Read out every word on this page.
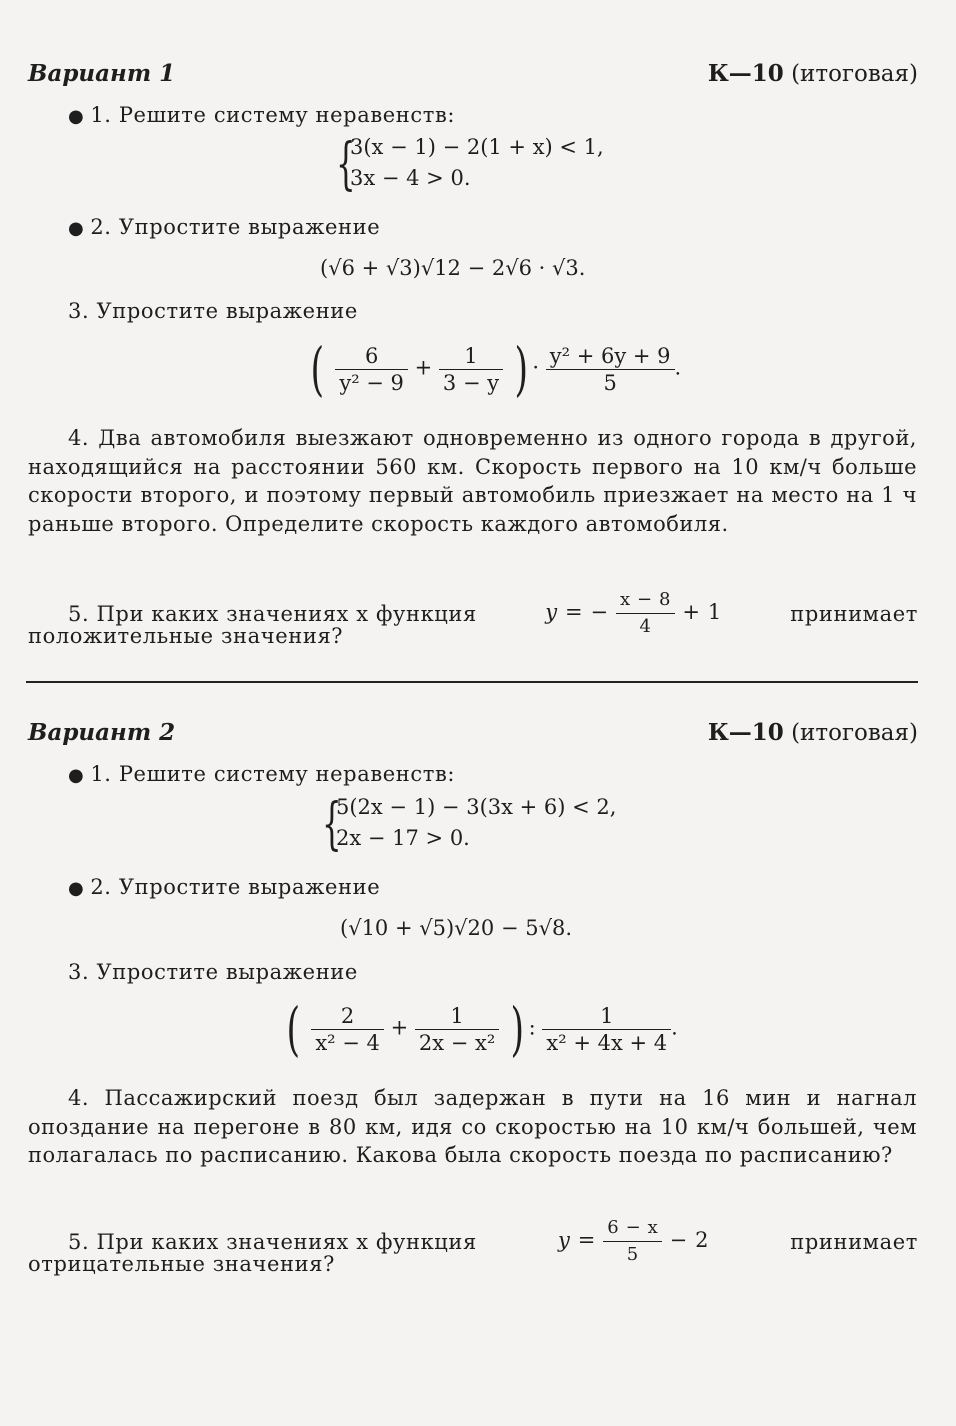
Вариант 1	К—10 (итоговая)
● 1. Решите систему неравенств:
{
3(x − 1) − 2(1 + x) < 1,
3x − 4 > 0.
● 2. Упростите выражение
(√6 + √3)√12 − 2√6 · √3.
3. Упростите выражение
( $\frac{6}{\text{y² − 9}} + \frac{1}{3 - y}$ ) · $\frac{\text{y² + 6y + 9}}{5}$ .
4. Два автомобиля выезжают одновременно из одного города в другой, находящийся на расстоянии 560 км. Скорость первого на 10 км/ч больше скорости второго, и поэтому первый автомобиль приезжает на место на 1 ч раньше второго. Определите скорость каждого автомобиля.
5. При каких значениях x функция	y = − $\frac{x - 8}{4} + 1$	принимает
положительные значения?
Вариант 2	К—10 (итоговая)
● 1. Решите систему неравенств:
{
5(2x − 1) − 3(3x + 6) < 2,
2x − 17 > 0.
● 2. Упростите выражение
(√10 + √5)√20 − 5√8.
3. Упростите выражение
( $\frac{2}{\text{x² − 4}} + \frac{1}{\text{2x − x²}}$ ) : $\frac{1}{\text{x² + 4x + 4}}$ .
4. Пассажирский поезд был задержан в пути на 16 мин и нагнал опоздание на перегоне в 80 км, идя со скоростью на 10 км/ч большей, чем полагалась по расписанию. Какова была скорость поезда по расписанию?
5. При каких значениях x функция	$y = \frac{6 - x}{5} - 2$	принимает
отрицательные значения?
